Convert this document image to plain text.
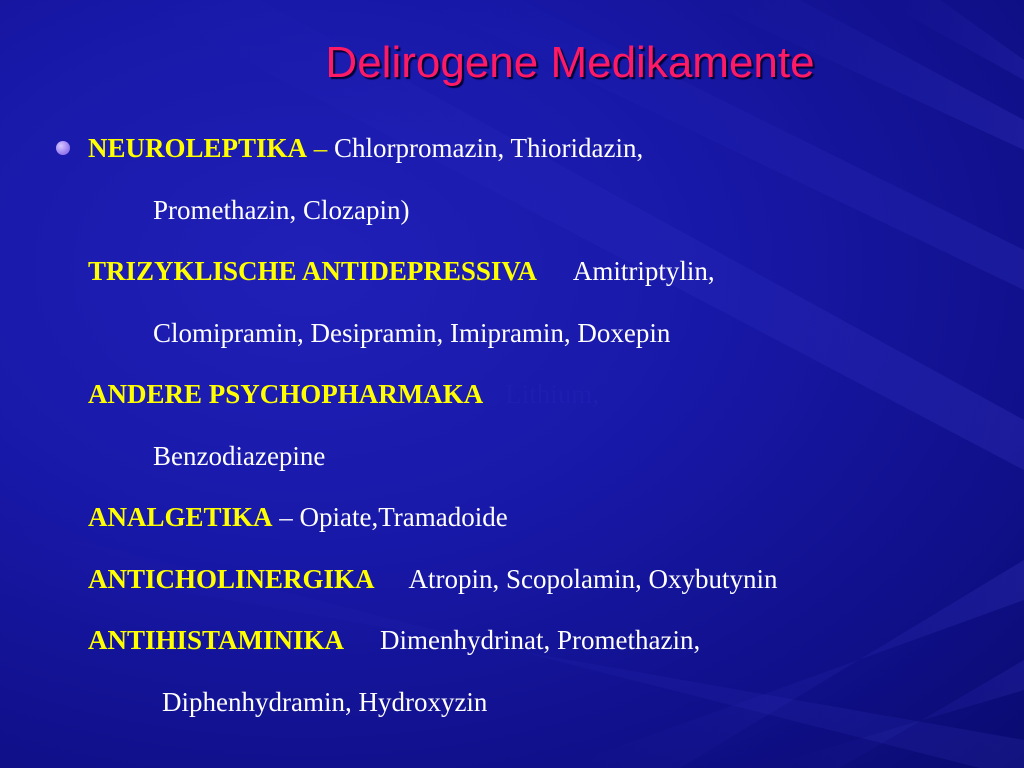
Delirogene Medikamente
NEUROLEPTIKA – Chlorpromazin, Thioridazin,
Promethazin, Clozapin)
TRIZYKLISCHE ANTIDEPRESSIVA Amitriptylin,
Clomipramin, Desipramin, Imipramin, Doxepin
ANDERE PSYCHOPHARMAKA Lithium,
Benzodiazepine
ANALGETIKA – Opiate,Tramadoide
ANTICHOLINERGIKA Atropin, Scopolamin, Oxybutynin
ANTIHISTAMINIKA Dimenhydrinat, Promethazin,
Diphenhydramin, Hydroxyzin
